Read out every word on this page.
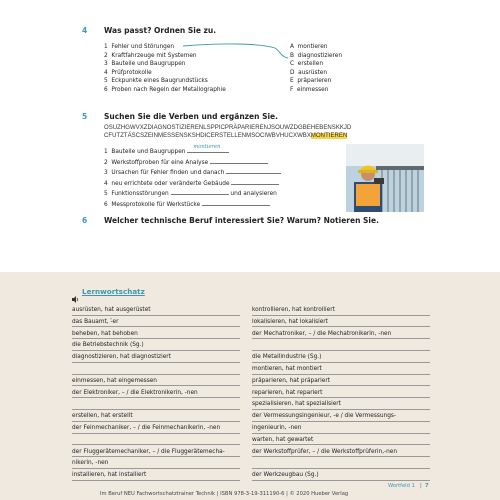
4 Was passt? Ordnen Sie zu.
1 Fehler und Störungen
2 Kraftfahrzeuge mit Systemen
3 Bauteile und Baugruppen
4 Prüfprotokolle
5 Eckpunkte eines Baugrundstücks
6 Proben nach Regeln der Metallographie
A montieren
B diagnostizieren
C erstellen
D ausrüsten
E präparieren
F einmessen
5 Suchen Sie die Verben und ergänzen Sie.
OSUZHGWVXZDIAGNOSTIZIERENLSPPICPRÄPARIERENJSOUWZDGBEHEBENSKKJD
CFUTZTÄSCSZEINMESSENSKSHDICERSTELLENMSOCIWBVHUCXWBXMONTIEREN
1 Bauteile und Baugruppen
montieren
2 Werkstoffproben für eine Analyse
3 Ursachen für Fehler finden und danach
4 neu errichtete oder veränderte Gebäude
5 Funktionsstörungen	und analysieren
6 Messprotokolle für Werkstücke
6 Welcher technische Beruf interessiert Sie? Warum? Notieren Sie.
Lernwortschatz
Wortfeld 1 | 7
Im Beruf NEU Fachwortschatztrainer Technik | ISBN 978-3-19-311190-6 | © 2020 Hueber Verlag
ausrüsten, hat ausgerüstet
das Bauamt, -̈er
beheben, hat behoben
die Betriebstechnik (Sg.)
diagnostizieren, hat diagnostiziert
einmessen, hat eingemessen
der Elektroniker, – / die Elektronikerin, -nen
erstellen, hat erstellt
der Feinmechaniker, – / die Feinmechanikerin, -nen
der Fluggerätemechaniker, – / die Fluggerätemecha-
nikerin, -nen
installieren, hat installiert
kontrollieren, hat kontrolliert
lokalisieren, hat lokalisiert
der Mechatroniker, – / die Mechatronikerin, -nen
die Metallindustrie (Sg.)
montieren, hat montiert
präparieren, hat präpariert
reparieren, hat repariert
spezialisieren, hat spezialisiert
der Vermessungsingenieur, -e / die Vermessungs-
ingenieurin, -nen
warten, hat gewartet
der Werkstoffprüfer, – / die Werkstoffprüferin,-nen
der Werkzeugbau (Sg.)
